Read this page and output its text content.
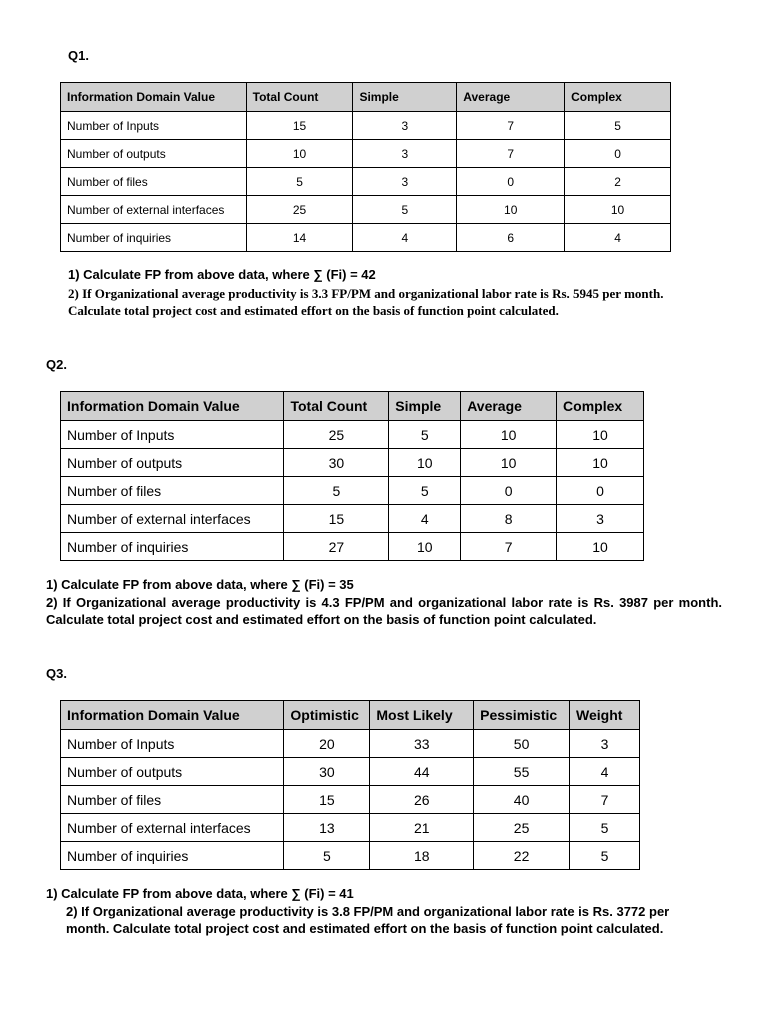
Q1.
Information Domain Value	Total Count	Simple	Average	Complex
Number of Inputs	15	3	7	5
Number of outputs	10	3	7	0
Number of files	5	3	0	2
Number of external interfaces	25	5	10	10
Number of inquiries	14	4	6	4
1) Calculate FP from above data, where ∑ (Fi) = 42
2) If Organizational average productivity is 3.3 FP/PM and organizational labor rate is Rs. 5945 per month. Calculate total project cost and estimated effort on the basis of function point calculated.
Q2.
Information Domain Value	Total Count	Simple	Average	Complex
Number of Inputs	25	5	10	10
Number of outputs	30	10	10	10
Number of files	5	5	0	0
Number of external interfaces	15	4	8	3
Number of inquiries	27	10	7	10
1) Calculate FP from above data, where ∑ (Fi) = 35
2) If Organizational average productivity is 4.3 FP/PM and organizational labor rate is Rs. 3987 per month. Calculate total project cost and estimated effort on the basis of function point calculated.
Q3.
Information Domain Value	Optimistic	Most Likely	Pessimistic	Weight
Number of Inputs	20	33	50	3
Number of outputs	30	44	55	4
Number of files	15	26	40	7
Number of external interfaces	13	21	25	5
Number of inquiries	5	18	22	5
1) Calculate FP from above data, where ∑ (Fi) = 41
2) If Organizational average productivity is 3.8 FP/PM and organizational labor rate is Rs. 3772 per month. Calculate total project cost and estimated effort on the basis of function point calculated.
